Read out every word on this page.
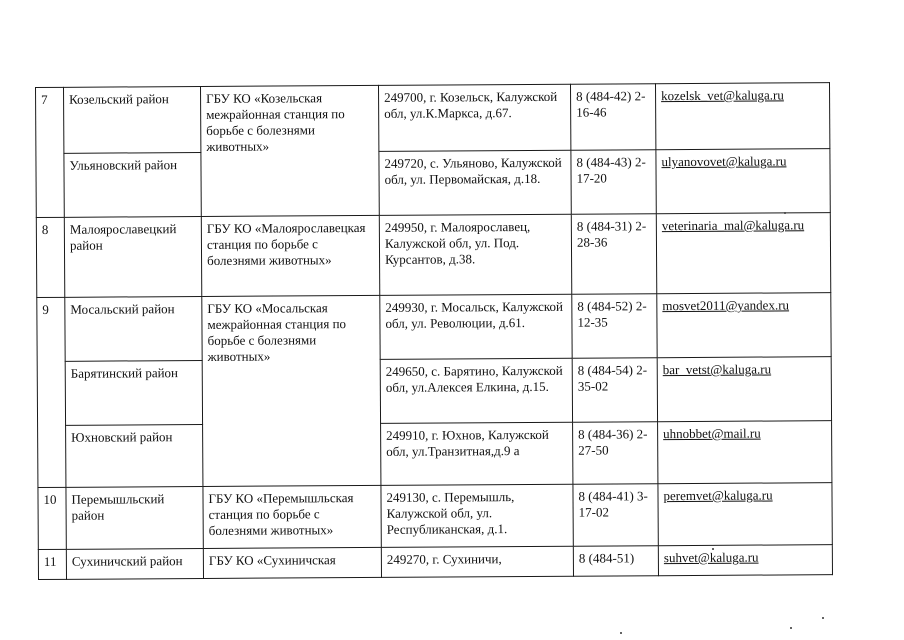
7	Козельский район	ГБУ КО «Козельская межрайонная станция по борьбе с болезнями животных»	249700, г. Козельск, Калужской обл, ул.К.Маркса, д.67.	8 (484-42) 2-16-46	kozelsk_vet@kaluga.ru
	Ульяновский район		249720, с. Ульяново, Калужской обл, ул. Первомайская, д.18.	8 (484-43) 2-17-20	ulyanovovet@kaluga.ru
8	Малоярославецкий район	ГБУ КО «Малоярославецкая станция по борьбе с болезнями животных»	249950, г. Малоярославец, Калужской обл, ул. Под. Курсантов, д.38.	8 (484-31) 2-28-36	veterinaria_mal@kaluga.ru
9	Мосальский район	ГБУ КО «Мосальская межрайонная станция по борьбе с болезнями животных»	249930, г. Мосальск, Калужской обл, ул. Революции, д.61.	8 (484-52) 2-12-35	mosvet2011@yandex.ru
	Барятинский район		249650, с. Барятино, Калужской обл, ул.Алексея Елкина, д.15.	8 (484-54) 2-35-02	bar_vetst@kaluga.ru
	Юхновский район		249910, г. Юхнов, Калужской обл, ул.Транзитная,д.9 а	8 (484-36) 2-27-50	uhnobbet@mail.ru
10	Перемышльский район	ГБУ КО «Перемышльская станция по борьбе с болезнями животных»	249130, с. Перемышль, Калужской обл, ул. Республиканская, д.1.	8 (484-41) 3-17-02	peremvet@kaluga.ru
11	Сухиничский район	ГБУ КО «Сухиничская	249270, г. Сухиничи,	8 (484-51)	suhvet@kaluga.ru
